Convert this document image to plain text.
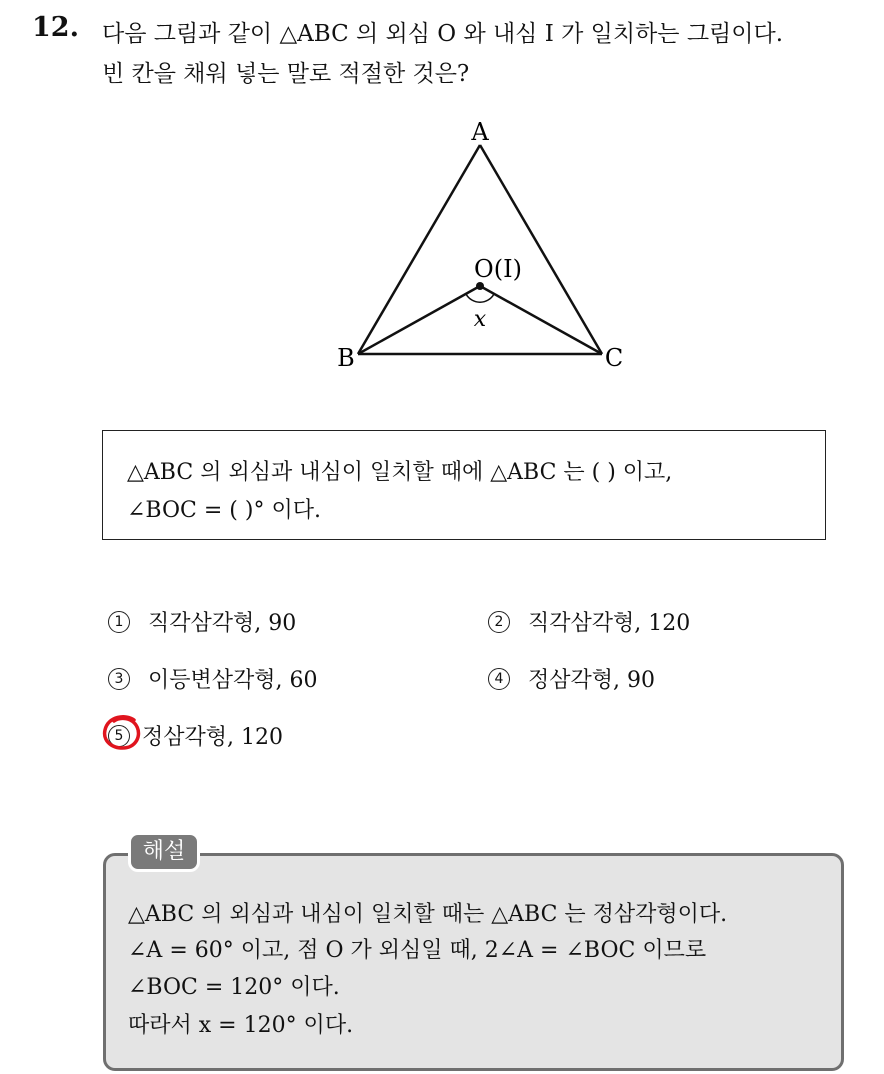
12. 다음 그림과 같이 △ABC 의 외심 O 와 내심 I 가 일치하는 그림이다.
빈 칸을 채워 넣는 말로 적절한 것은?
A
B	C
O(I)
x
△ABC 의 외심과 내심이 일치할 때에 △ABC 는 ( ) 이고,
∠BOC = ( )° 이다.
1 직각삼각형, 90	2 직각삼각형, 120
3 이등변삼각형, 60	4 정삼각형, 90
5 정삼각형, 120
해설
△ABC 의 외심과 내심이 일치할 때는 △ABC 는 정삼각형이다.
∠A = 60° 이고, 점 O 가 외심일 때, 2∠A = ∠BOC 이므로
∠BOC = 120° 이다.
따라서 x = 120° 이다.
